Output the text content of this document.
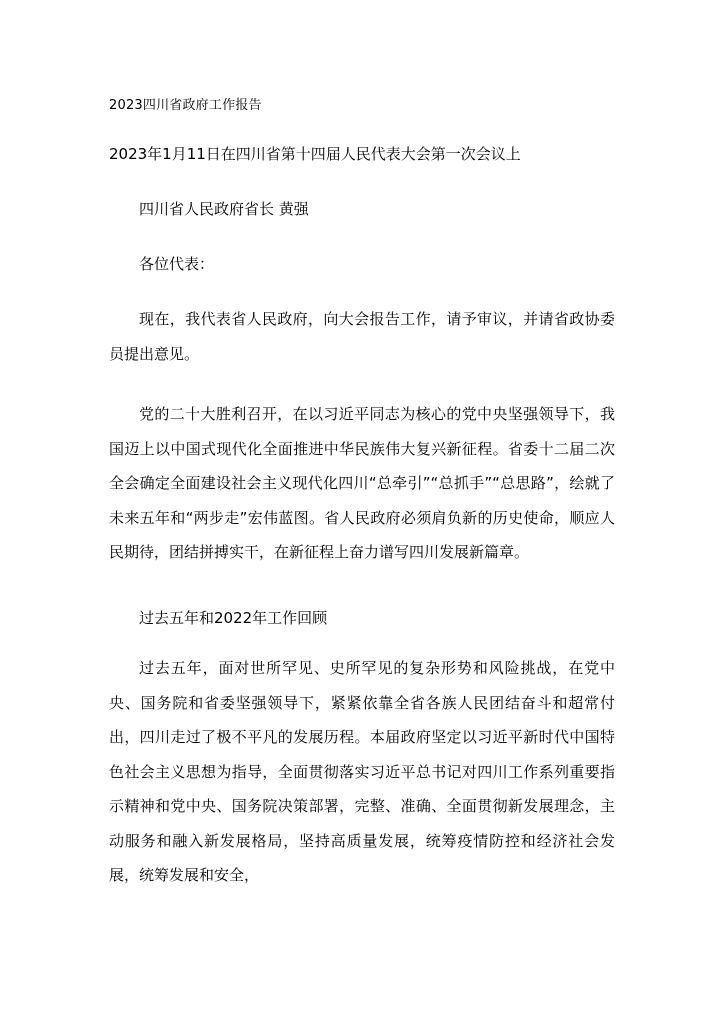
2023四川省政府工作报告
2023年1月11日在四川省第十四届人民代表大会第一次会议上
四川省人民政府省长 黄强
各位代表：

现在，我代表省人民政府，向大会报告工作，请予审议，并请省政协委员提出意见。

党的二十大胜利召开，在以习近平同志为核心的党中央坚强领导下，我国迈上以中国式现代化全面推进中华民族伟大复兴新征程。省委十二届二次全会确定全面建设社会主义现代化四川“总牵引”“总抓手”“总思路”，绘就了未来五年和“两步走”宏伟蓝图。省人民政府必须肩负新的历史使命，顺应人民期待，团结拼搏实干，在新征程上奋力谱写四川发展新篇章。

过去五年和2022年工作回顾

过去五年，面对世所罕见、史所罕见的复杂形势和风险挑战，在党中央、国务院和省委坚强领导下，紧紧依靠全省各族人民团结奋斗和超常付出，四川走过了极不平凡的发展历程。本届政府坚定以习近平新时代中国特色社会主义思想为指导，全面贯彻落实习近平总书记对四川工作系列重要指示精神和党中央、国务院决策部署，完整、准确、全面贯彻新发展理念，主动服务和融入新发展格局，坚持高质量发展，统筹疫情防控和经济社会发展，统筹发展和安全，
